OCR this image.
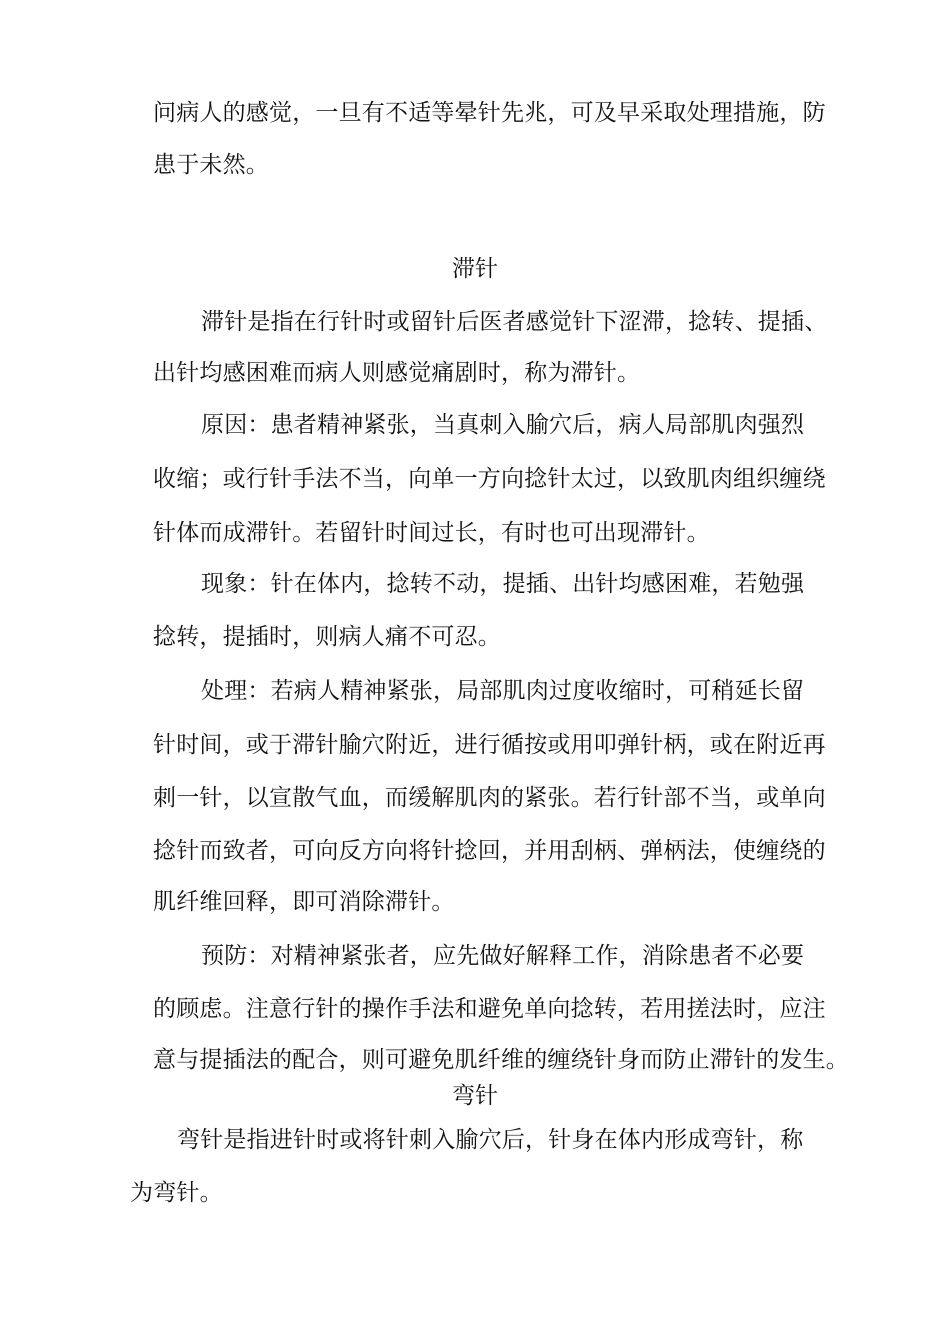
问病人的感觉，一旦有不适等晕针先兆，可及早采取处理措施，防
患于未然。
滞针
滞针是指在行针时或留针后医者感觉针下涩滞，捻转、提插、
出针均感困难而病人则感觉痛剧时，称为滞针。
原因：患者精神紧张，当真刺入腧穴后，病人局部肌肉强烈
收缩；或行针手法不当，向单一方向捻针太过，以致肌肉组织缠绕
针体而成滞针。若留针时间过长，有时也可出现滞针。
现象：针在体内，捻转不动，提插、出针均感困难，若勉强
捻转，提插时，则病人痛不可忍。
处理：若病人精神紧张，局部肌肉过度收缩时，可稍延长留
针时间，或于滞针腧穴附近，进行循按或用叩弹针柄，或在附近再
刺一针，以宣散气血，而缓解肌肉的紧张。若行针部不当，或单向
捻针而致者，可向反方向将针捻回，并用刮柄、弹柄法，使缠绕的
肌纤维回释，即可消除滞针。
预防：对精神紧张者，应先做好解释工作，消除患者不必要
的顾虑。注意行针的操作手法和避免单向捻转，若用搓法时，应注
意与提插法的配合，则可避免肌纤维的缠绕针身而防止滞针的发生。
弯针
弯针是指进针时或将针刺入腧穴后，针身在体内形成弯针，称
为弯针。
